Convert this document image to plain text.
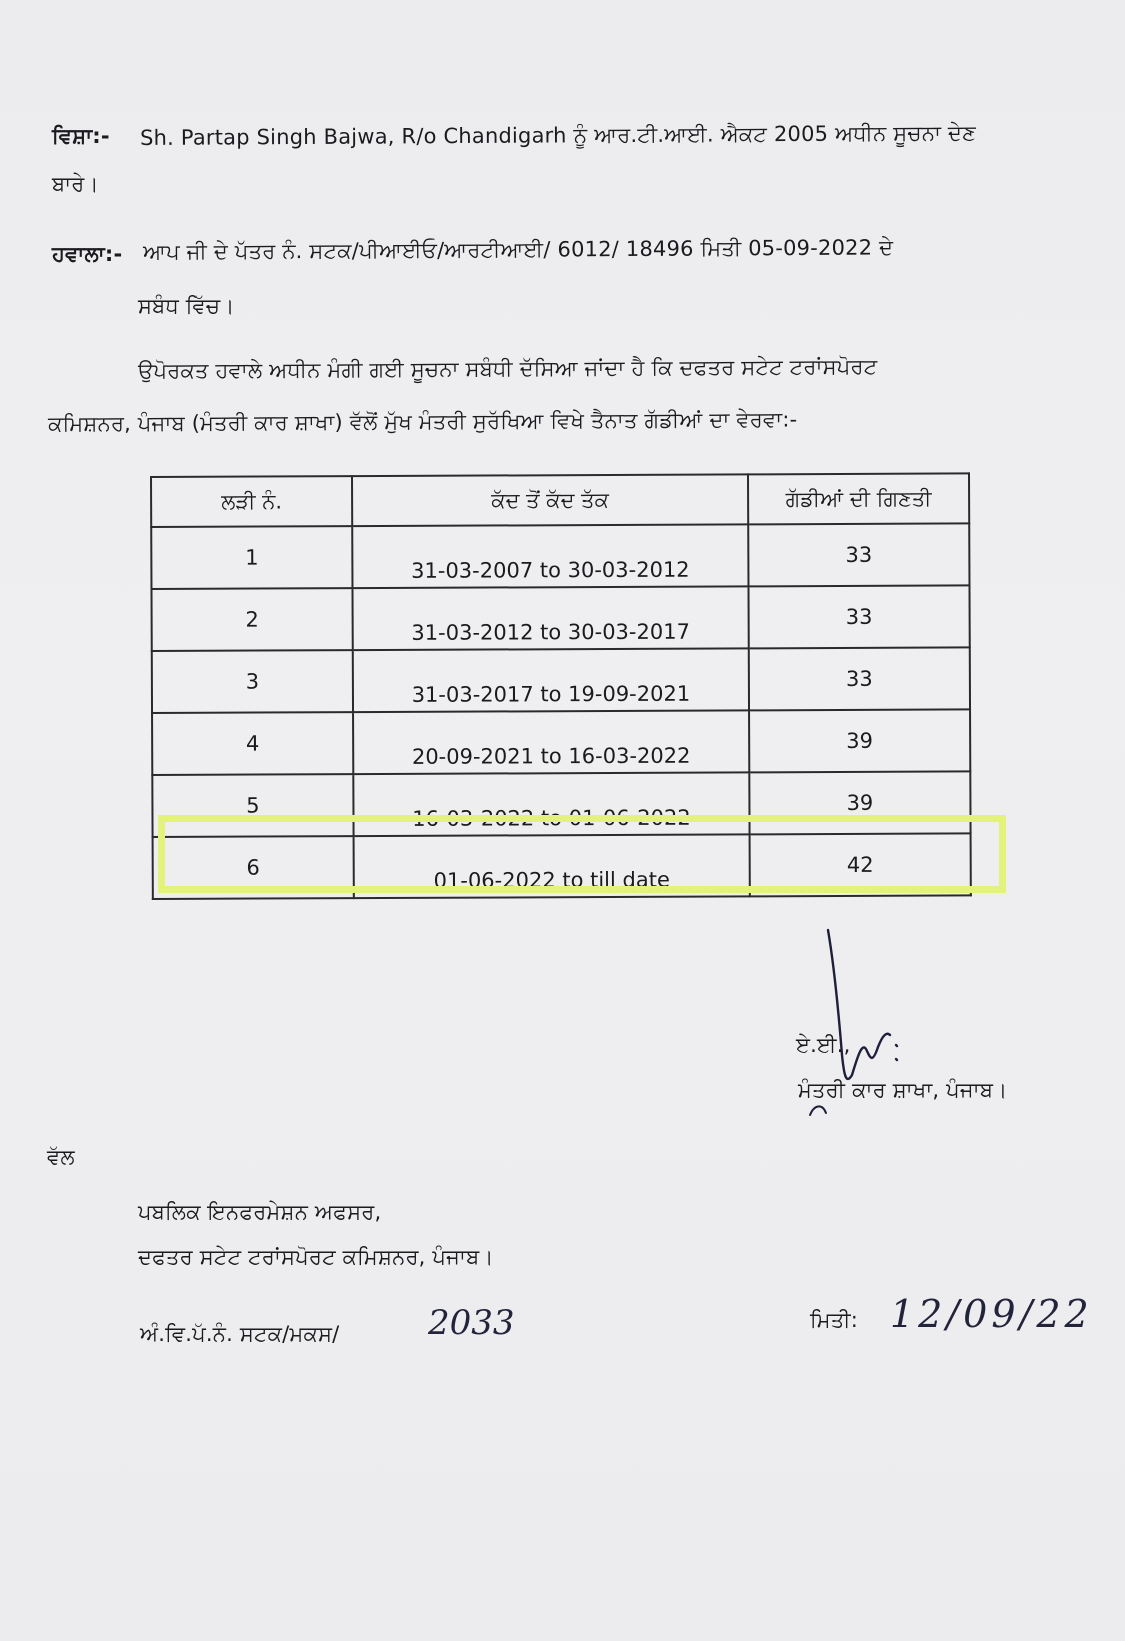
ਵਿਸ਼ਾ:- Sh. Partap Singh Bajwa, R/o Chandigarh ਨੂੰ ਆਰ.ਟੀ.ਆਈ. ਐਕਟ 2005 ਅਧੀਨ ਸੂਚਨਾ ਦੇਣ
ਬਾਰੇ।
ਹਵਾਲਾ:- ਆਪ ਜੀ ਦੇ ਪੱਤਰ ਨੰ. ਸਟਕ/ਪੀਆਈਓ/ਆਰਟੀਆਈ/ 6012/ 18496 ਮਿਤੀ 05-09-2022 ਦੇ
ਸਬੰਧ ਵਿੱਚ।
ਉਪੋਰਕਤ ਹਵਾਲੇ ਅਧੀਨ ਮੰਗੀ ਗਈ ਸੂਚਨਾ ਸਬੰਧੀ ਦੱਸਿਆ ਜਾਂਦਾ ਹੈ ਕਿ ਦਫਤਰ ਸਟੇਟ ਟਰਾਂਸਪੋਰਟ
ਕਮਿਸ਼ਨਰ, ਪੰਜਾਬ (ਮੰਤਰੀ ਕਾਰ ਸ਼ਾਖਾ) ਵੱਲੋਂ ਮੁੱਖ ਮੰਤਰੀ ਸੁਰੱਖਿਆ ਵਿਖੇ ਤੈਨਾਤ ਗੱਡੀਆਂ ਦਾ ਵੇਰਵਾ:-
ਲੜੀ ਨੰ.	ਕੱਦ ਤੋਂ ਕੱਦ ਤੱਕ	ਗੱਡੀਆਂ ਦੀ ਗਿਣਤੀ
1	31-03-2007 to 30-03-2012	33
2	31-03-2012 to 30-03-2017	33
3	31-03-2017 to 19-09-2021	33
4	20-09-2021 to 16-03-2022	39
5	16-03-2022 to 01-06-2022	39
6	01-06-2022 to till date	42
ਏ.ਈ.,
ਮੰਤਰੀ ਕਾਰ ਸ਼ਾਖਾ, ਪੰਜਾਬ।
ਵੱਲ
ਪਬਲਿਕ ਇਨਫਰਮੇਸ਼ਨ ਅਫਸਰ,
ਦਫਤਰ ਸਟੇਟ ਟਰਾਂਸਪੋਰਟ ਕਮਿਸ਼ਨਰ, ਪੰਜਾਬ।
ਅੰ.ਵਿ.ਪੱ.ਨੰ. ਸਟਕ/ਮਕਸ/	2033	ਮਿਤੀ: 12/09/22
